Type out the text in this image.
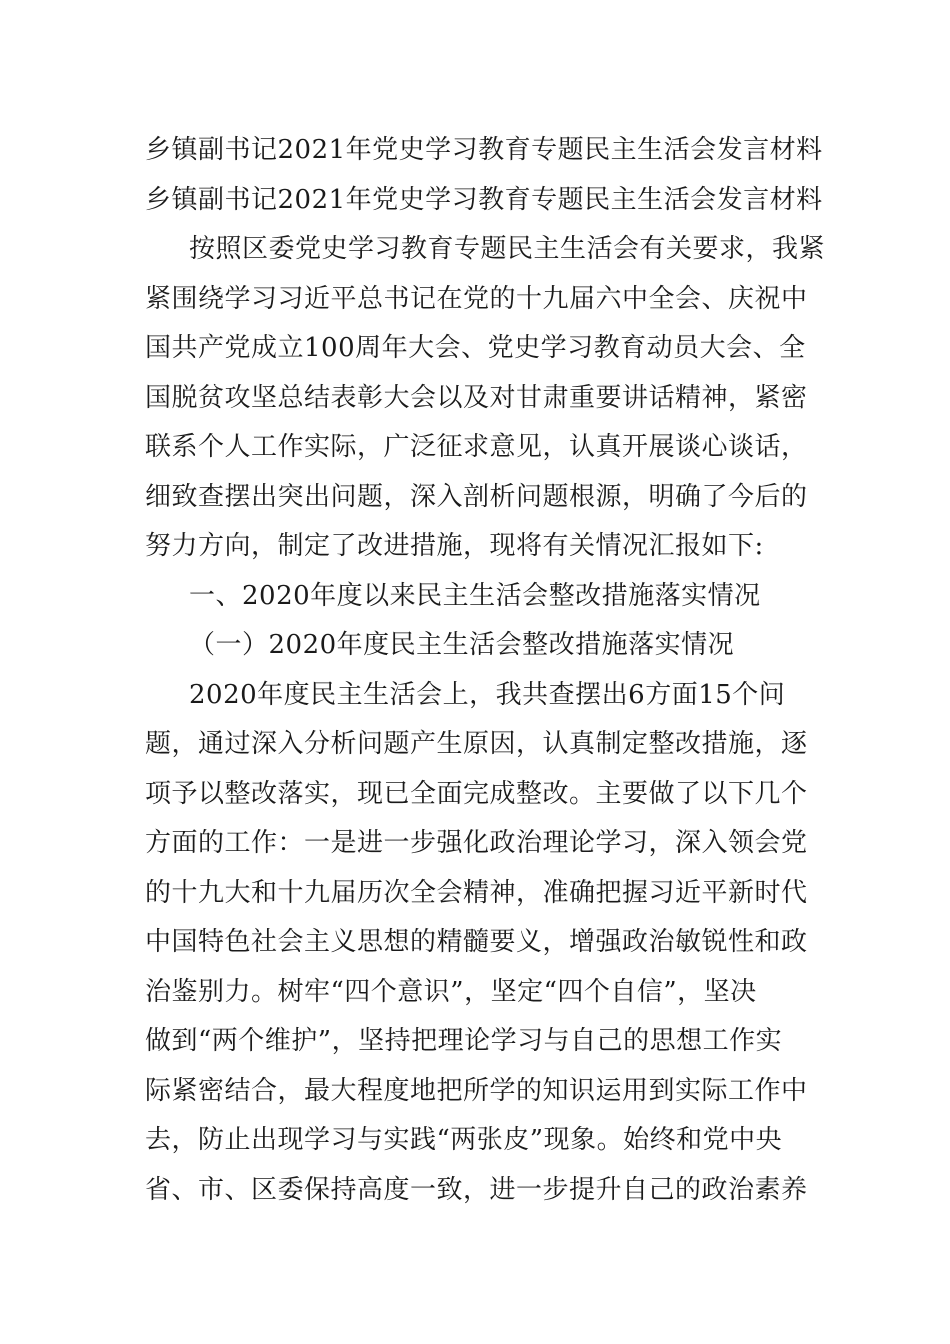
乡镇副书记2021年党史学习教育专题民主生活会发言材料
乡镇副书记2021年党史学习教育专题民主生活会发言材料
按照区委党史学习教育专题民主生活会有关要求，我紧
紧围绕学习习近平总书记在党的十九届六中全会、庆祝中
国共产党成立100周年大会、党史学习教育动员大会、全
国脱贫攻坚总结表彰大会以及对甘肃重要讲话精神，紧密
联系个人工作实际，广泛征求意见，认真开展谈心谈话，
细致查摆出突出问题，深入剖析问题根源，明确了今后的
努力方向，制定了改进措施，现将有关情况汇报如下:
一、2020年度以来民主生活会整改措施落实情况
（一）2020年度民主生活会整改措施落实情况
2020年度民主生活会上，我共查摆出6方面15个问
题，通过深入分析问题产生原因，认真制定整改措施，逐
项予以整改落实，现已全面完成整改。主要做了以下几个
方面的工作：一是进一步强化政治理论学习，深入领会党
的十九大和十九届历次全会精神，准确把握习近平新时代
中国特色社会主义思想的精髓要义，增强政治敏锐性和政
治鉴别力。树牢“四个意识”，坚定“四个自信”，坚决
做到“两个维护”，坚持把理论学习与自己的思想工作实
际紧密结合，最大程度地把所学的知识运用到实际工作中
去，防止出现学习与实践“两张皮”现象。始终和党中央
省、市、区委保持高度一致，进一步提升自己的政治素养
